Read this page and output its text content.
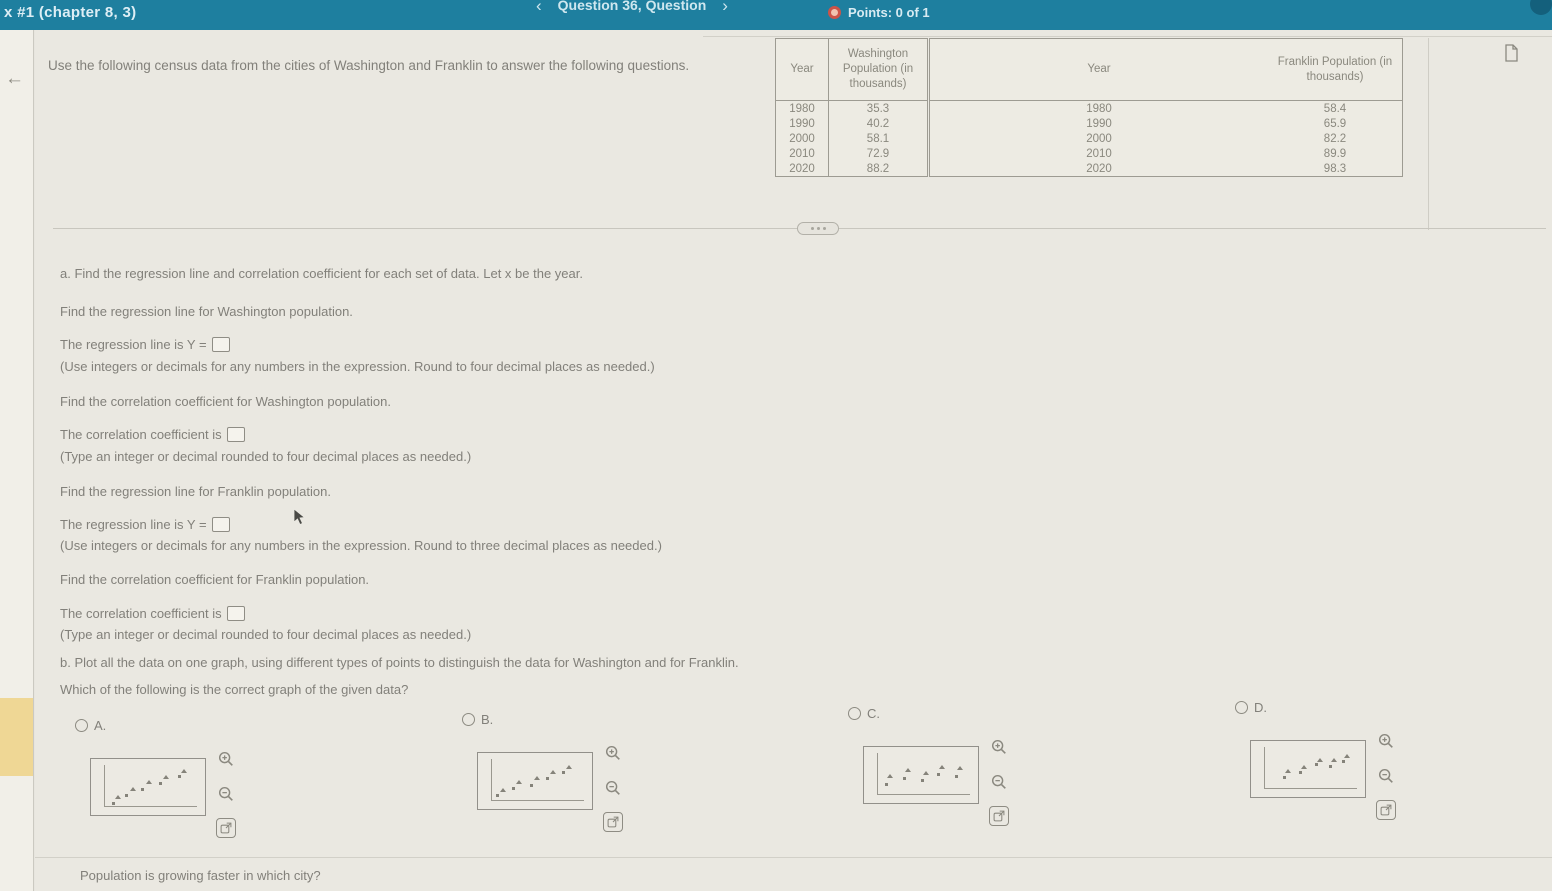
x #1 (chapter 8, 3)	‹ Question 36, Question ›	Points: 0 of 1
←
Use the following census data from the cities of Washington and Franklin to answer the following questions.	Year	Washington Population (in thousands)
1980	35.3
1990	40.2
2000	58.1
2010	72.9
2020	88.2
Year	Franklin Population (in thousands)
1980	58.4
1990	65.9
2000	82.2
2010	89.9
2020	98.3
a. Find the regression line and correlation coefficient for each set of data. Let x be the year.
Find the regression line for Washington population.
The regression line is Y =
(Use integers or decimals for any numbers in the expression. Round to four decimal places as needed.)
Find the correlation coefficient for Washington population.
The correlation coefficient is
(Type an integer or decimal rounded to four decimal places as needed.)
Find the regression line for Franklin population.
The regression line is Y =
(Use integers or decimals for any numbers in the expression. Round to three decimal places as needed.)
Find the correlation coefficient for Franklin population.
The correlation coefficient is
(Type an integer or decimal rounded to four decimal places as needed.)
b. Plot all the data on one graph, using different types of points to distinguish the data for Washington and for Franklin.
Which of the following is the correct graph of the given data?
A.	B.	C.	D.
Population is growing faster in which city?
